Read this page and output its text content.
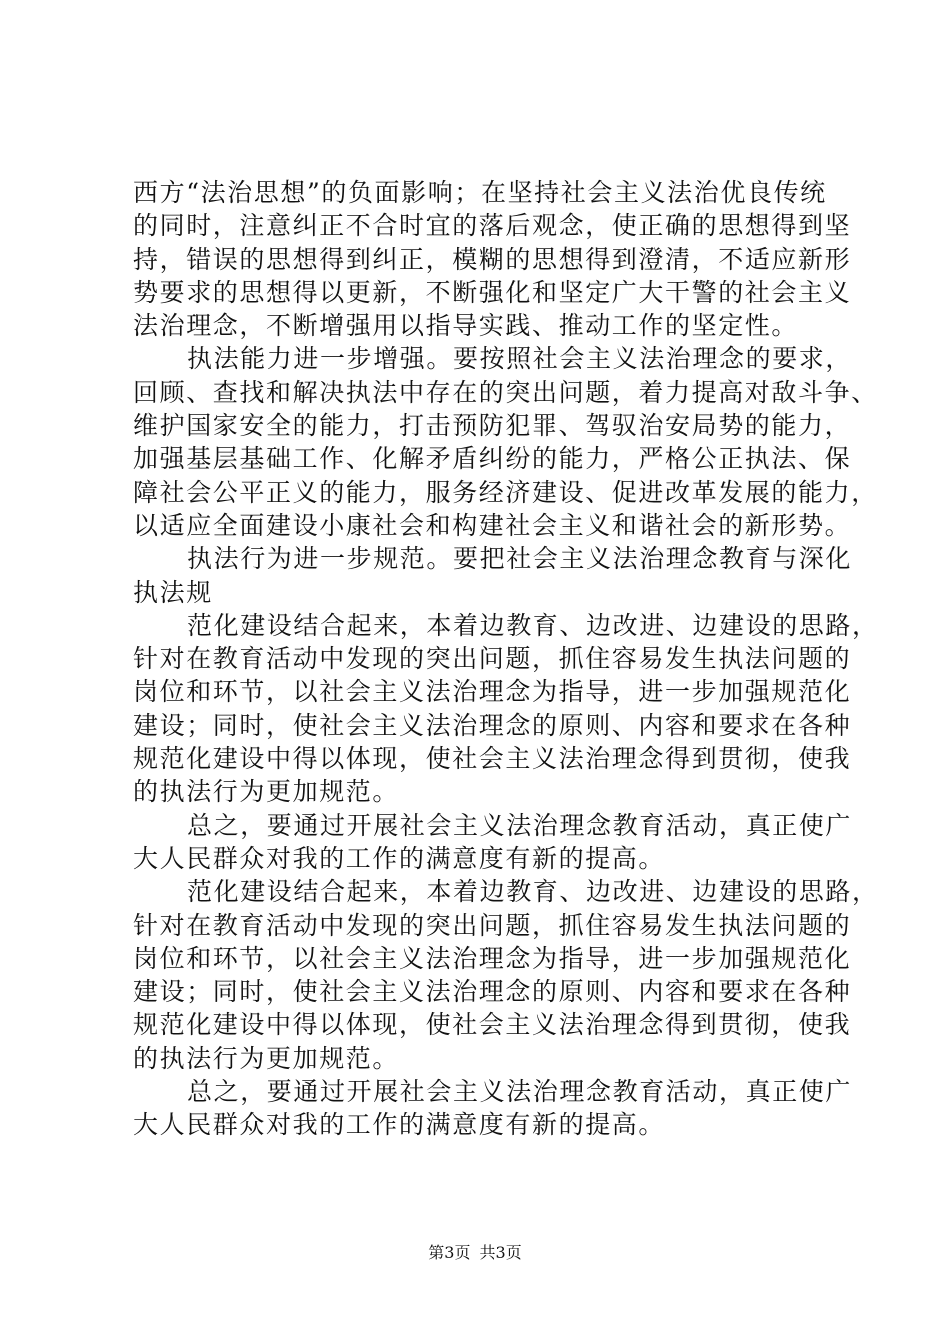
西方“法治思想”的负面影响；在坚持社会主义法治优良传统
的同时，注意纠正不合时宜的落后观念，使正确的思想得到坚
持，错误的思想得到纠正，模糊的思想得到澄清，不适应新形
势要求的思想得以更新，不断强化和坚定广大干警的社会主义
法治理念，不断增强用以指导实践、推动工作的坚定性。
执法能力进一步增强。要按照社会主义法治理念的要求，
回顾、查找和解决执法中存在的突出问题，着力提高对敌斗争、
维护国家安全的能力，打击预防犯罪、驾驭治安局势的能力，
加强基层基础工作、化解矛盾纠纷的能力，严格公正执法、保
障社会公平正义的能力，服务经济建设、促进改革发展的能力，
以适应全面建设小康社会和构建社会主义和谐社会的新形势。
执法行为进一步规范。要把社会主义法治理念教育与深化
执法规
范化建设结合起来，本着边教育、边改进、边建设的思路，
针对在教育活动中发现的突出问题，抓住容易发生执法问题的
岗位和环节，以社会主义法治理念为指导，进一步加强规范化
建设；同时，使社会主义法治理念的原则、内容和要求在各种
规范化建设中得以体现，使社会主义法治理念得到贯彻，使我
的执法行为更加规范。
总之，要通过开展社会主义法治理念教育活动，真正使广
大人民群众对我的工作的满意度有新的提高。
范化建设结合起来，本着边教育、边改进、边建设的思路，
针对在教育活动中发现的突出问题，抓住容易发生执法问题的
岗位和环节，以社会主义法治理念为指导，进一步加强规范化
建设；同时，使社会主义法治理念的原则、内容和要求在各种
规范化建设中得以体现，使社会主义法治理念得到贯彻，使我
的执法行为更加规范。
总之，要通过开展社会主义法治理念教育活动，真正使广
大人民群众对我的工作的满意度有新的提高。
第3页 共3页
